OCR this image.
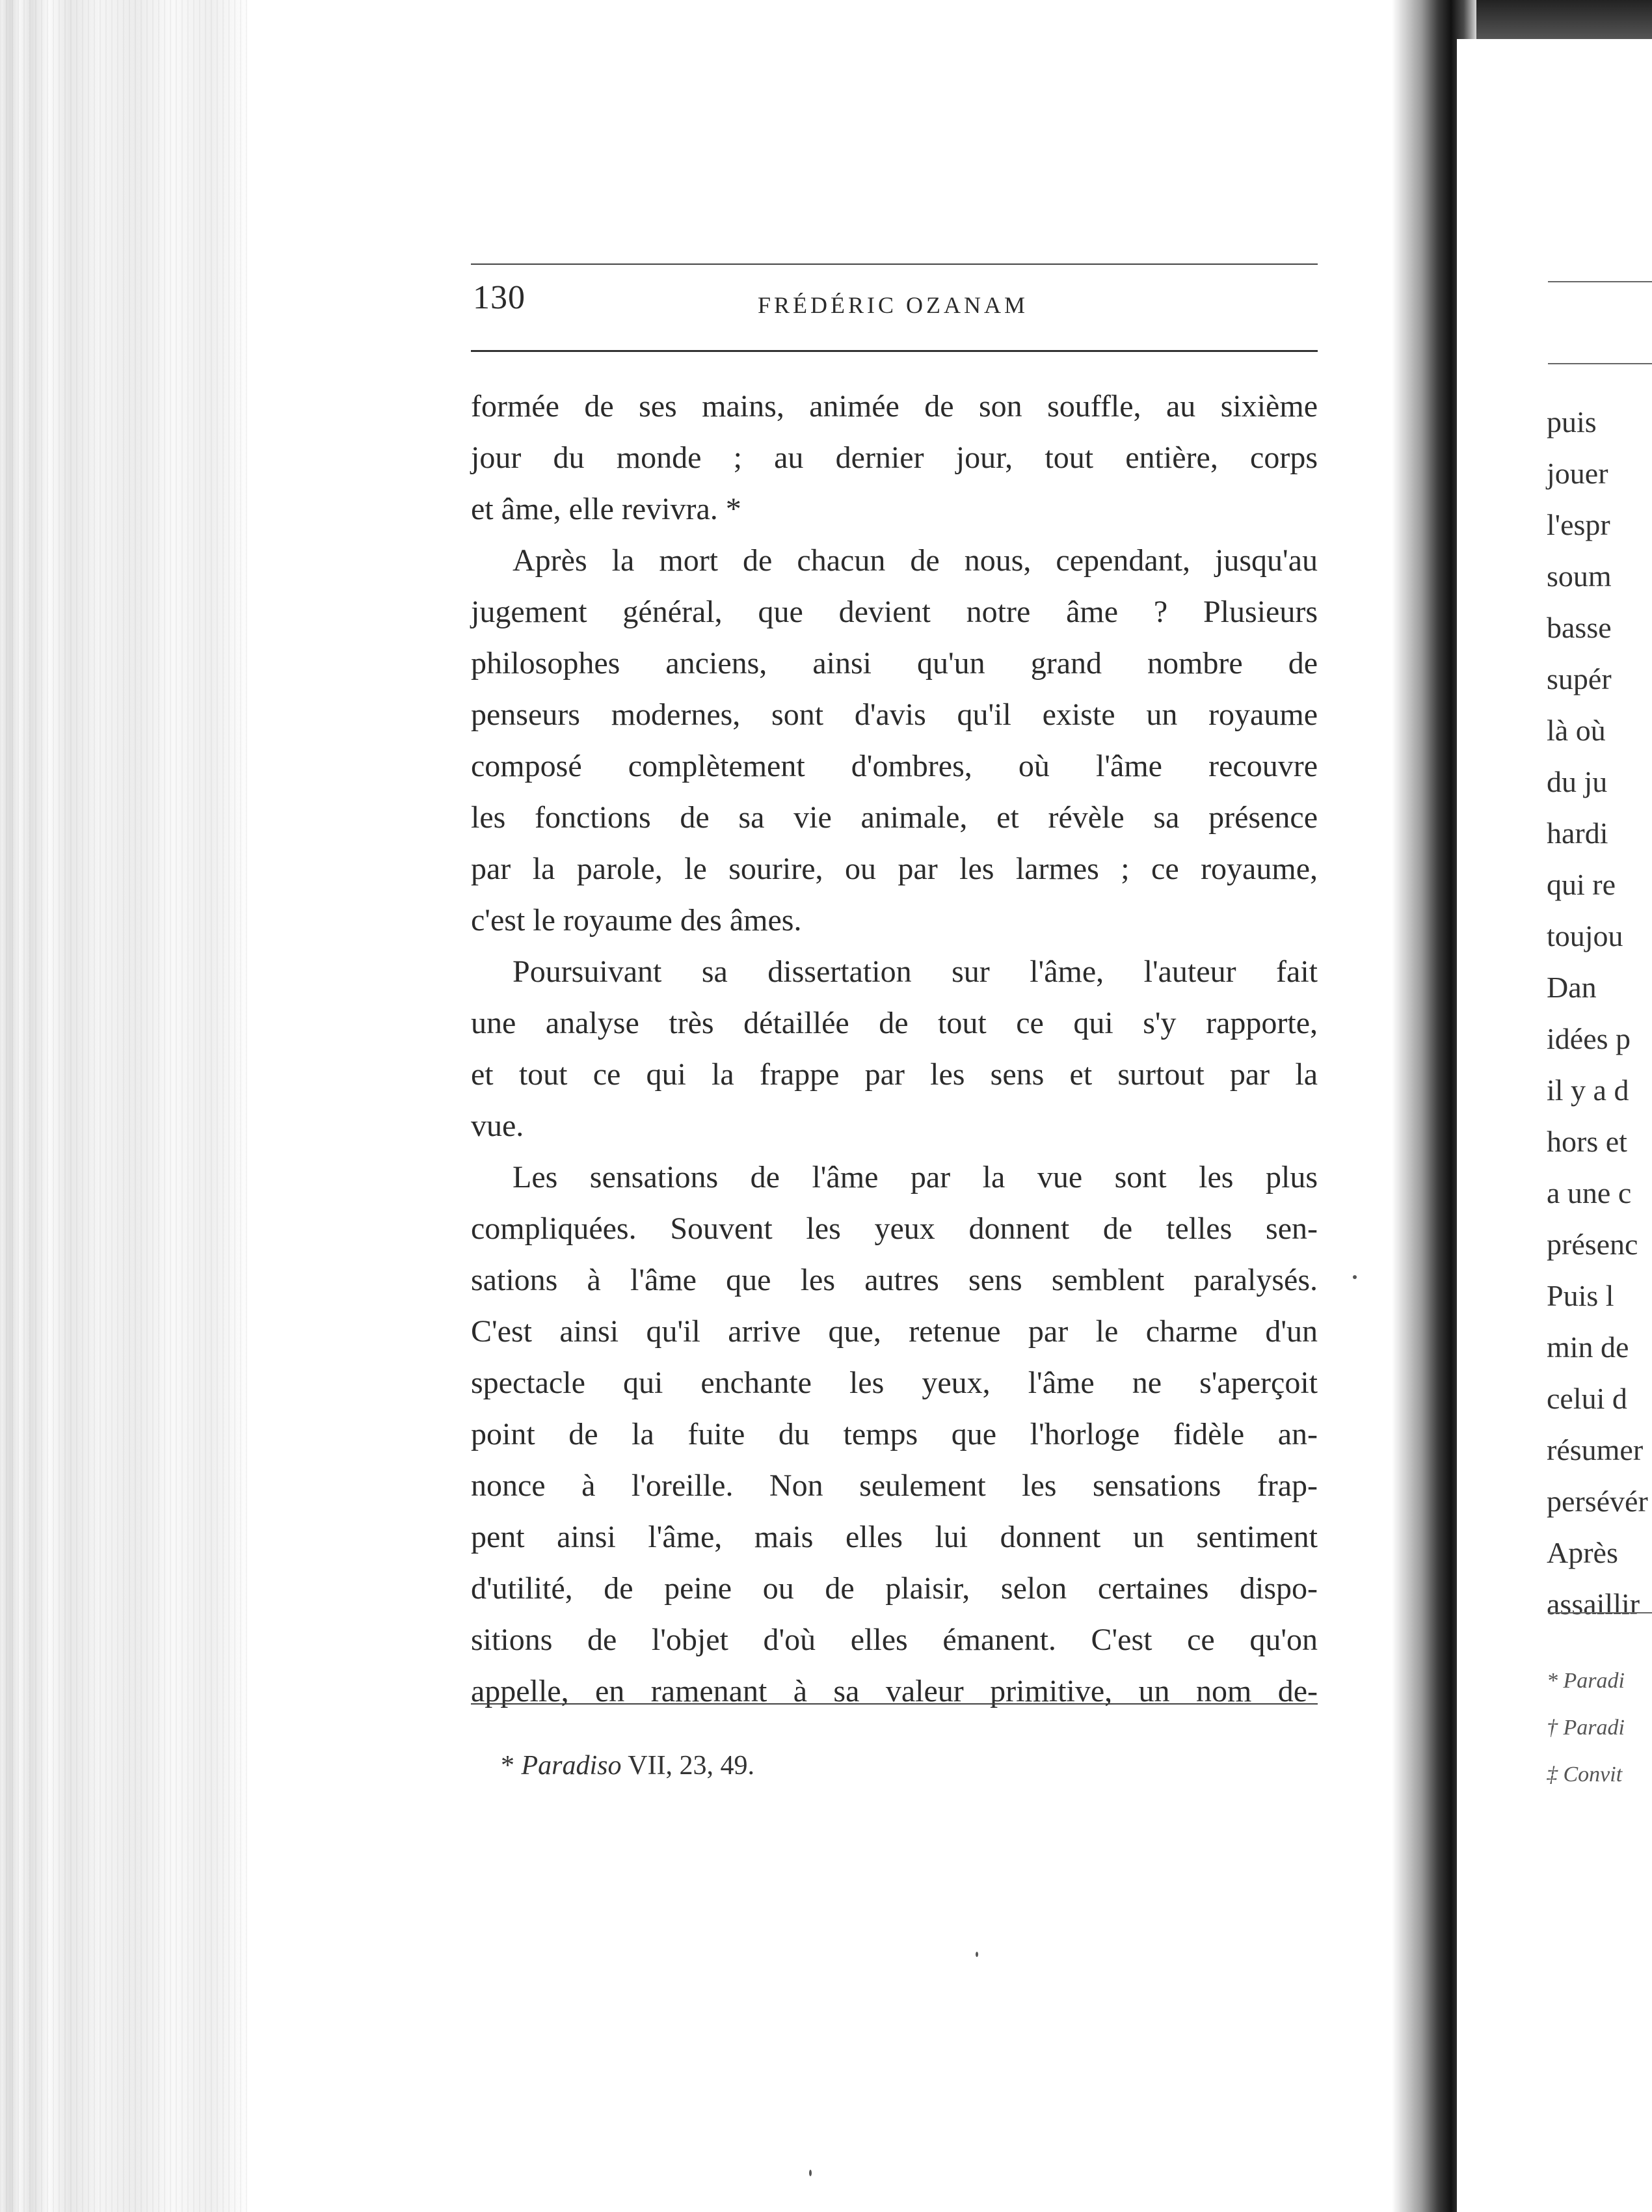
130	FRÉDÉRIC OZANAM
formée de ses mains, animée de son souffle, au sixième
jour du monde ; au dernier jour, tout entière, corps
et âme, elle revivra. *
Après la mort de chacun de nous, cependant, jusqu'au
jugement général, que devient notre âme ? Plusieurs
philosophes anciens, ainsi qu'un grand nombre de
penseurs modernes, sont d'avis qu'il existe un royaume
composé complètement d'ombres, où l'âme recouvre
les fonctions de sa vie animale, et révèle sa présence
par la parole, le sourire, ou par les larmes ; ce royaume,
c'est le royaume des âmes.
Poursuivant sa dissertation sur l'âme, l'auteur fait
une analyse très détaillée de tout ce qui s'y rapporte,
et tout ce qui la frappe par les sens et surtout par la
vue.
Les sensations de l'âme par la vue sont les plus
compliquées. Souvent les yeux donnent de telles sen-
sations à l'âme que les autres sens semblent paralysés.
C'est ainsi qu'il arrive que, retenue par le charme d'un
spectacle qui enchante les yeux, l'âme ne s'aperçoit
point de la fuite du temps que l'horloge fidèle an-
nonce à l'oreille. Non seulement les sensations frap-
pent ainsi l'âme, mais elles lui donnent un sentiment
d'utilité, de peine ou de plaisir, selon certaines dispo-
sitions de l'objet d'où elles émanent. C'est ce qu'on
appelle, en ramenant à sa valeur primitive, un nom de-
* Paradiso VII, 23, 49.
puis
jouer
l'espr
soum
basse
supér
là où
du ju
hardi
qui re
toujou
Dan
idées p
il y a d
hors et
a une c
présenc
Puis l
min de
celui d
résumer
persévér
Après
assaillir
* Paradi
† Paradi
‡ Convit
